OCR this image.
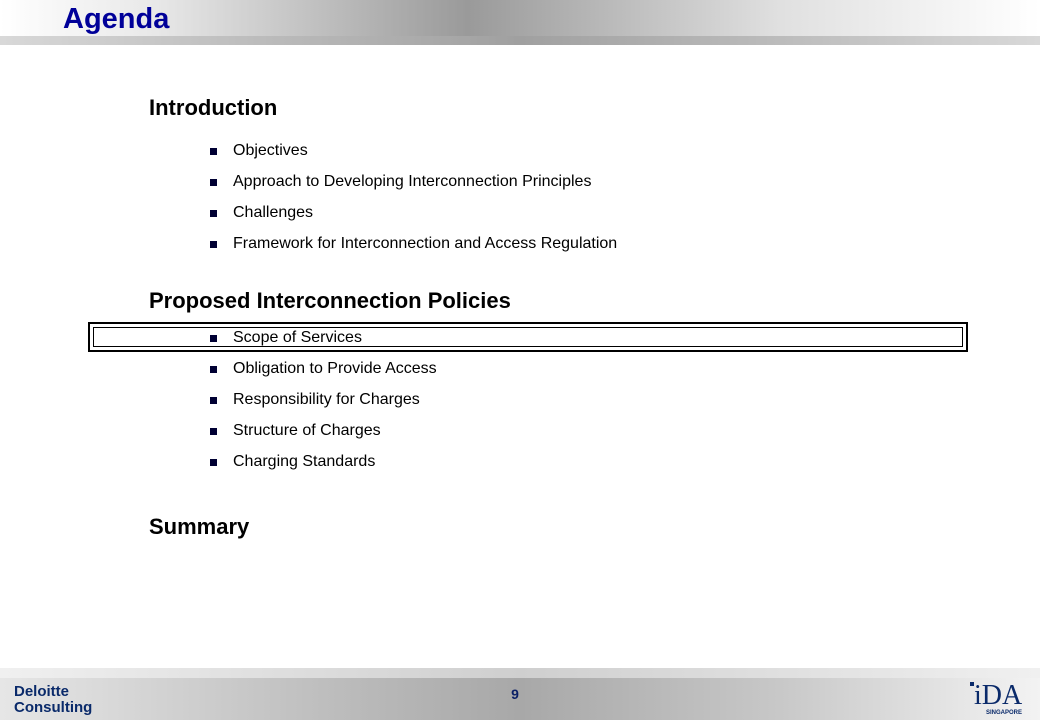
Agenda
Introduction
Objectives
Approach to Developing Interconnection Principles
Challenges
Framework for Interconnection and Access Regulation
Proposed Interconnection Policies
Scope of Services
Obligation to Provide Access
Responsibility for Charges
Structure of Charges
Charging Standards
Summary
Deloitte
Consulting
9	iDA
SINGAPORE
